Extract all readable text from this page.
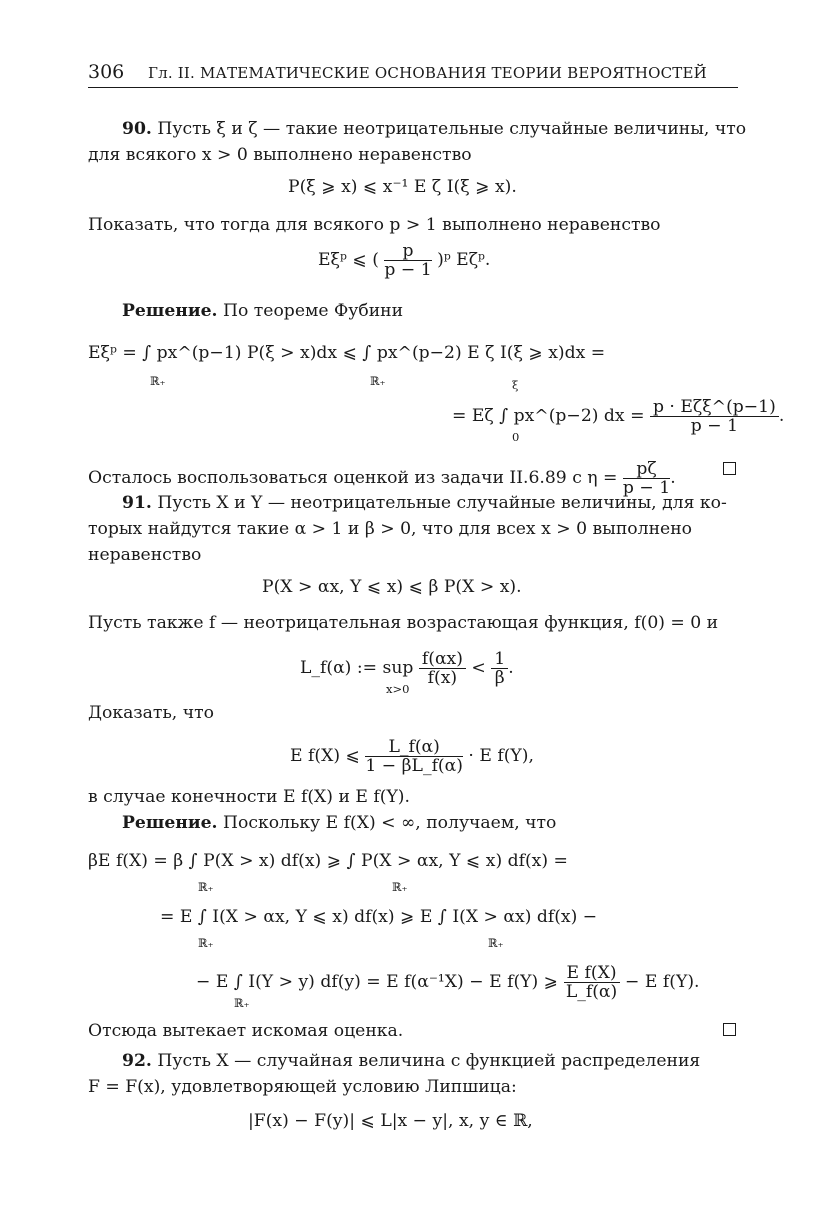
306 Гл. II. МАТЕМАТИЧЕСКИЕ ОСНОВАНИЯ ТЕОРИИ ВЕРОЯТНОСТЕЙ
90. Пусть ξ и ζ — такие неотрицательные случайные величины, что
для всякого x > 0 выполнено неравенство
P(ξ ⩾ x) ⩽ x⁻¹ E ζ I(ξ ⩾ x).
Показать, что тогда для всякого p > 1 выполнено неравенство
Eξᵖ ⩽ ( $\frac{p}{p - 1}$ )ᵖ Eζᵖ.
Решение. По теореме Фубини
Eξᵖ = ∫ px^(p−1) P(ξ > x)dx ⩽ ∫ px^(p−2) E ζ I(ξ ⩾ x)dx =
ℝ₊	ℝ₊	ξ
= Eζ ∫ px^(p−2) dx = $\frac{\text{p · Eζξ\textasciicircum{}(p−1)}}{p - 1}$ .
0
Осталось воспользоваться оценкой из задачи II.6.89 с $\eta = \frac{p\zeta}{p - 1}$ .
91. Пусть X и Y — неотрицательные случайные величины, для ко-
торых найдутся такие α > 1 и β > 0, что для всех x > 0 выполнено
неравенство
P(X > αx, Y ⩽ x) ⩽ β P(X > x).
Пусть также f — неотрицательная возрастающая функция, f(0) = 0 и
L_f(α) := sup $\frac{f(\alpha x)}{f(x)} < \frac{1}{\beta}$ .
x>0
Доказать, что
E f(X) ⩽ $\frac{L\_f(\alpha)}{1 - \beta L\_f(\alpha)} \cdot E$ f(Y),
в случае конечности E f(X) и E f(Y).
Решение. Поскольку E f(X) < ∞, получаем, что
βE f(X) = β ∫ P(X > x) df(x) ⩾ ∫ P(X > αx, Y ⩽ x) df(x) =
ℝ₊	ℝ₊
= E ∫ I(X > αx, Y ⩽ x) df(x) ⩾ E ∫ I(X > αx) df(x) −
ℝ₊	ℝ₊
− E ∫ I(Y > y) df(y) = E f(α⁻¹X) − E f(Y) ⩾ $\frac{\text{E f(X)}}{L\_f(\alpha)} - E$ f(Y).
ℝ₊
Отсюда вытекает искомая оценка.
92. Пусть X — случайная величина с функцией распределения
F = F(x), удовлетворяющей условию Липшица:
|F(x) − F(y)| ⩽ L|x − y|, x, y ∈ ℝ,
